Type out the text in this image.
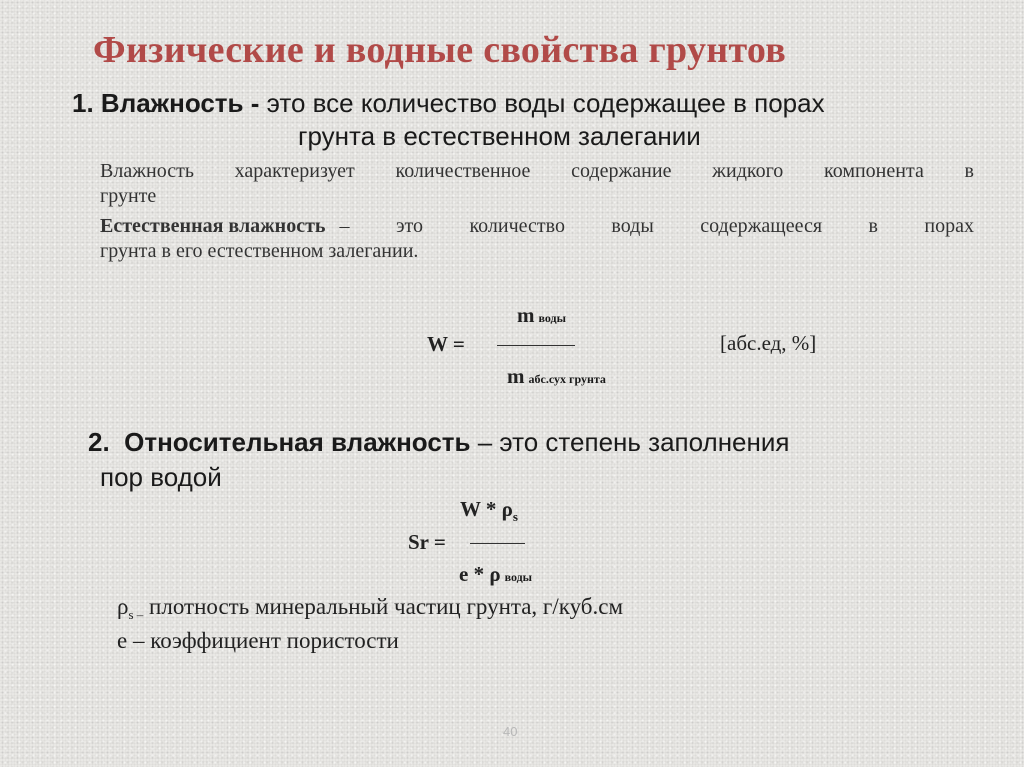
Физические и водные свойства грунтов
1. Влажность - это все количество воды содержащее в порах
грунта в естественном залегании
Влажность характеризует количественное содержание жидкого компонента в
грунте
Естественная влажность – это количество воды содержащееся в порах
грунта в его естественном залегании.
m воды
W =
m абс.сух грунта
[абс.ед, %]
2. Относительная влажность – это степень заполнения
пор водой
W * $\rho_s$
Sr =
e * ρ воды
$\rho_{s -}$ плотность минеральный частиц грунта, г/куб.см
e – коэффициент пористости
40
